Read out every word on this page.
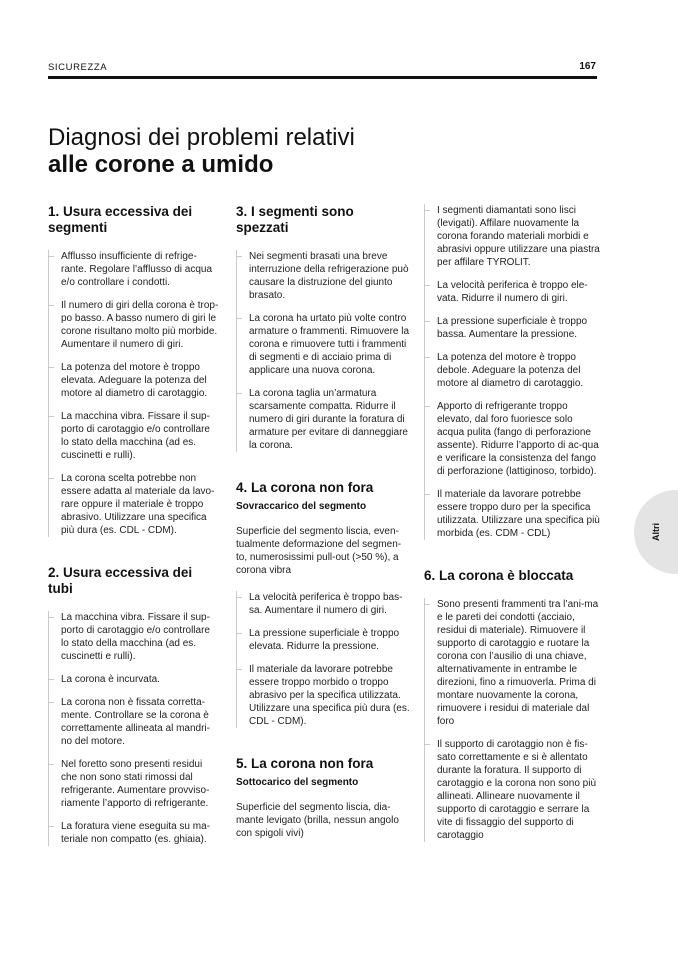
SICUREZZA	167
Diagnosi dei problemi relativi
alle corone a umido
1. Usura eccessiva dei segmenti
Afflusso insufficiente di refrige-rante. Regolare l’afflusso di acqua e/o controllare i condotti.
Il numero di giri della corona è trop-po basso. A basso numero di giri le corone risultano molto più morbide. Aumentare il numero di giri.
La potenza del motore è troppo elevata. Adeguare la potenza del motore al diametro di carotaggio.
La macchina vibra. Fissare il sup-porto di carotaggio e/o controllare lo stato della macchina (ad es. cuscinetti e rulli).
La corona scelta potrebbe non essere adatta al materiale da lavo-rare oppure il materiale è troppo abrasivo. Utilizzare una specifica più dura (es. CDL - CDM).
2. Usura eccessiva dei tubi
La macchina vibra. Fissare il sup-porto di carotaggio e/o controllare lo stato della macchina (ad es. cuscinetti e rulli).
La corona è incurvata.
La corona non è fissata corretta-mente. Controllare se la corona è correttamente allineata al mandri-no del motore.
Nel foretto sono presenti residui che non sono stati rimossi dal refrigerante. Aumentare provviso-riamente l’apporto di refrigerante.
La foratura viene eseguita su ma-teriale non compatto (es. ghiaia).
3. I segmenti sono spezzati
Nei segmenti brasati una breve interruzione della refrigerazione può causare la distruzione del giunto brasato.
La corona ha urtato più volte contro armature o frammenti. Rimuovere la corona e rimuovere tutti i frammenti di segmenti e di acciaio prima di applicare una nuova corona.
La corona taglia un’armatura scarsamente compatta. Ridurre il numero di giri durante la foratura di armature per evitare di danneggiare la corona.
4. La corona non fora
Sovraccarico del segmento

Superficie del segmento liscia, even-tualmente deformazione del segmen-to, numerosissimi pull-out (>50 %), a corona vibra

La velocità periferica è troppo bas-sa. Aumentare il numero di giri.
La pressione superficiale è troppo elevata. Ridurre la pressione.
Il materiale da lavorare potrebbe essere troppo morbido o troppo abrasivo per la specifica utilizzata. Utilizzare una specifica più dura (es. CDL - CDM).
5. La corona non fora
Sottocarico del segmento

Superficie del segmento liscia, dia-mante levigato (brilla, nessun angolo con spigoli vivi)

I segmenti diamantati sono lisci (levigati). Affilare nuovamente la corona forando materiali morbidi e abrasivi oppure utilizzare una piastra per affilare TYROLIT.
La velocità periferica è troppo ele-vata. Ridurre il numero di giri.
La pressione superficiale è troppo bassa. Aumentare la pressione.
La potenza del motore è troppo debole. Adeguare la potenza del motore al diametro di carotaggio.
Apporto di refrigerante troppo elevato, dal foro fuoriesce solo acqua pulita (fango di perforazione assente). Ridurre l’apporto di ac-qua e verificare la consistenza del fango di perforazione (lattiginoso, torbido).
Il materiale da lavorare potrebbe essere troppo duro per la specifica utilizzata. Utilizzare una specifica più morbida (es. CDM - CDL)
6. La corona è bloccata
Sono presenti frammenti tra l’ani-ma e le pareti dei condotti (acciaio, residui di materiale). Rimuovere il supporto di carotaggio e ruotare la corona con l’ausilio di una chiave, alternativamente in entrambe le direzioni, fino a rimuoverla. Prima di montare nuovamente la corona, rimuovere i residui di materiale dal foro
Il supporto di carotaggio non è fis-sato correttamente e si è allentato durante la foratura. Il supporto di carotaggio e la corona non sono più allineati. Allineare nuovamente il supporto di carotaggio e serrare la vite di fissaggio del supporto di carotaggio
Altri
